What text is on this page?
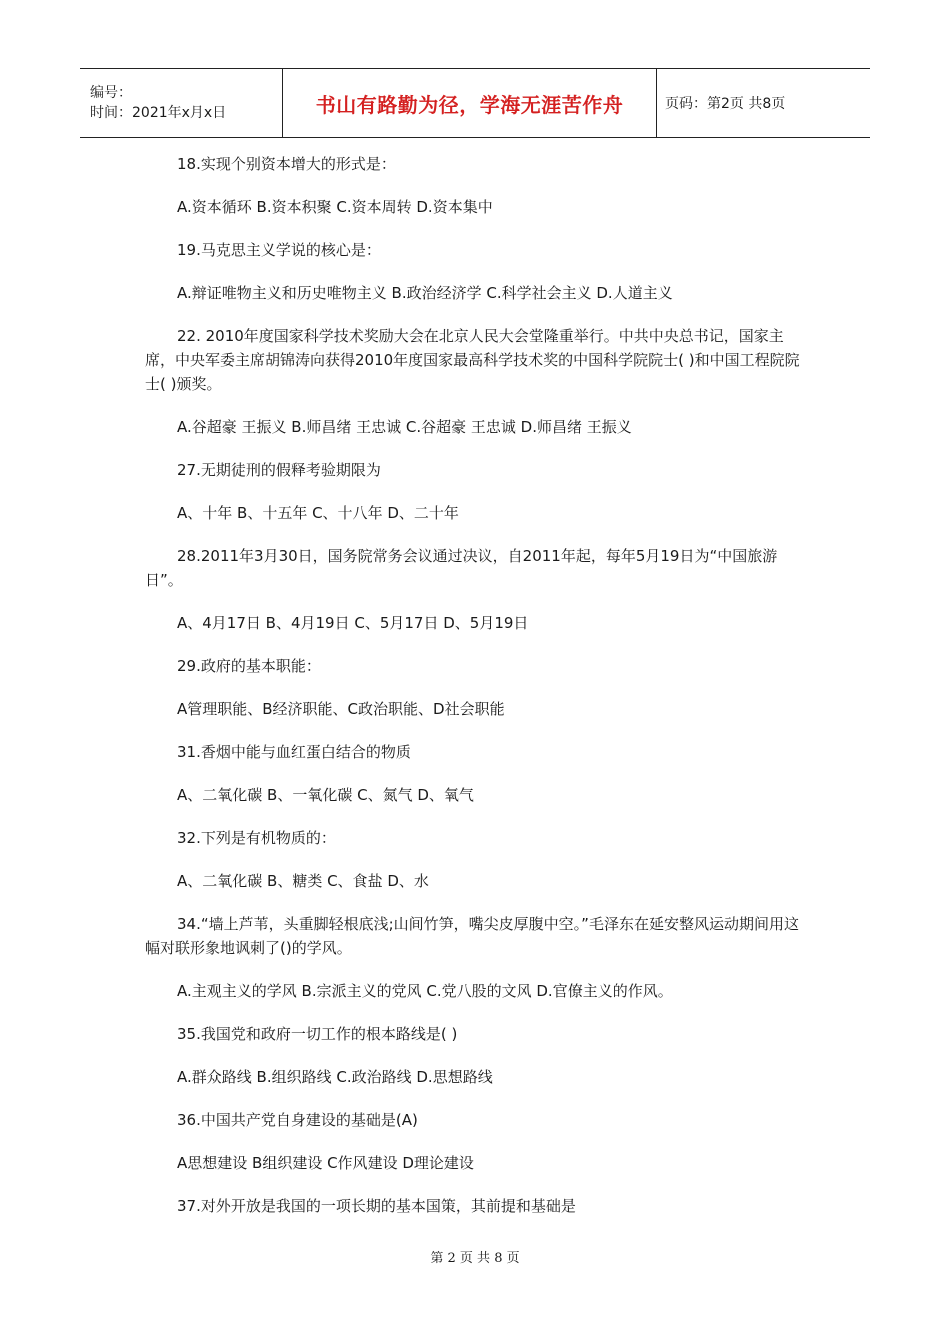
编号：
时间：2021年x月x日	书山有路勤为径，学海无涯苦作舟	页码：第2页 共8页

18.实现个别资本增大的形式是：

A.资本循环 B.资本积聚 C.资本周转 D.资本集中

19.马克思主义学说的核心是：

A.辩证唯物主义和历史唯物主义 B.政治经济学 C.科学社会主义 D.人道主义

22. 2010年度国家科学技术奖励大会在北京人民大会堂隆重举行。中共中央总书记，国家主席，中央军委主席胡锦涛向获得2010年度国家最高科学技术奖的中国科学院院士( )和中国工程院院士( )颁奖。

A.谷超豪 王振义 B.师昌绪 王忠诚 C.谷超豪 王忠诚 D.师昌绪 王振义

27.无期徒刑的假释考验期限为

A、十年 B、十五年 C、十八年 D、二十年

28.2011年3月30日，国务院常务会议通过决议，自2011年起，每年5月19日为“中国旅游日”。

A、4月17日 B、4月19日 C、5月17日 D、5月19日

29.政府的基本职能：

A管理职能、B经济职能、C政治职能、D社会职能

31.香烟中能与血红蛋白结合的物质

A、二氧化碳 B、一氧化碳 C、氮气 D、氧气

32.下列是有机物质的：

A、二氧化碳 B、糖类 C、食盐 D、水

34.“墙上芦苇，头重脚轻根底浅;山间竹笋，嘴尖皮厚腹中空。”毛泽东在延安整风运动期间用这幅对联形象地讽刺了()的学风。

A.主观主义的学风 B.宗派主义的党风 C.党八股的文风 D.官僚主义的作风。

35.我国党和政府一切工作的根本路线是( )

A.群众路线 B.组织路线 C.政治路线 D.思想路线

36.中国共产党自身建设的基础是(A)

A思想建设 B组织建设 C作风建设 D理论建设

37.对外开放是我国的一项长期的基本国策，其前提和基础是

第 2 页 共 8 页
